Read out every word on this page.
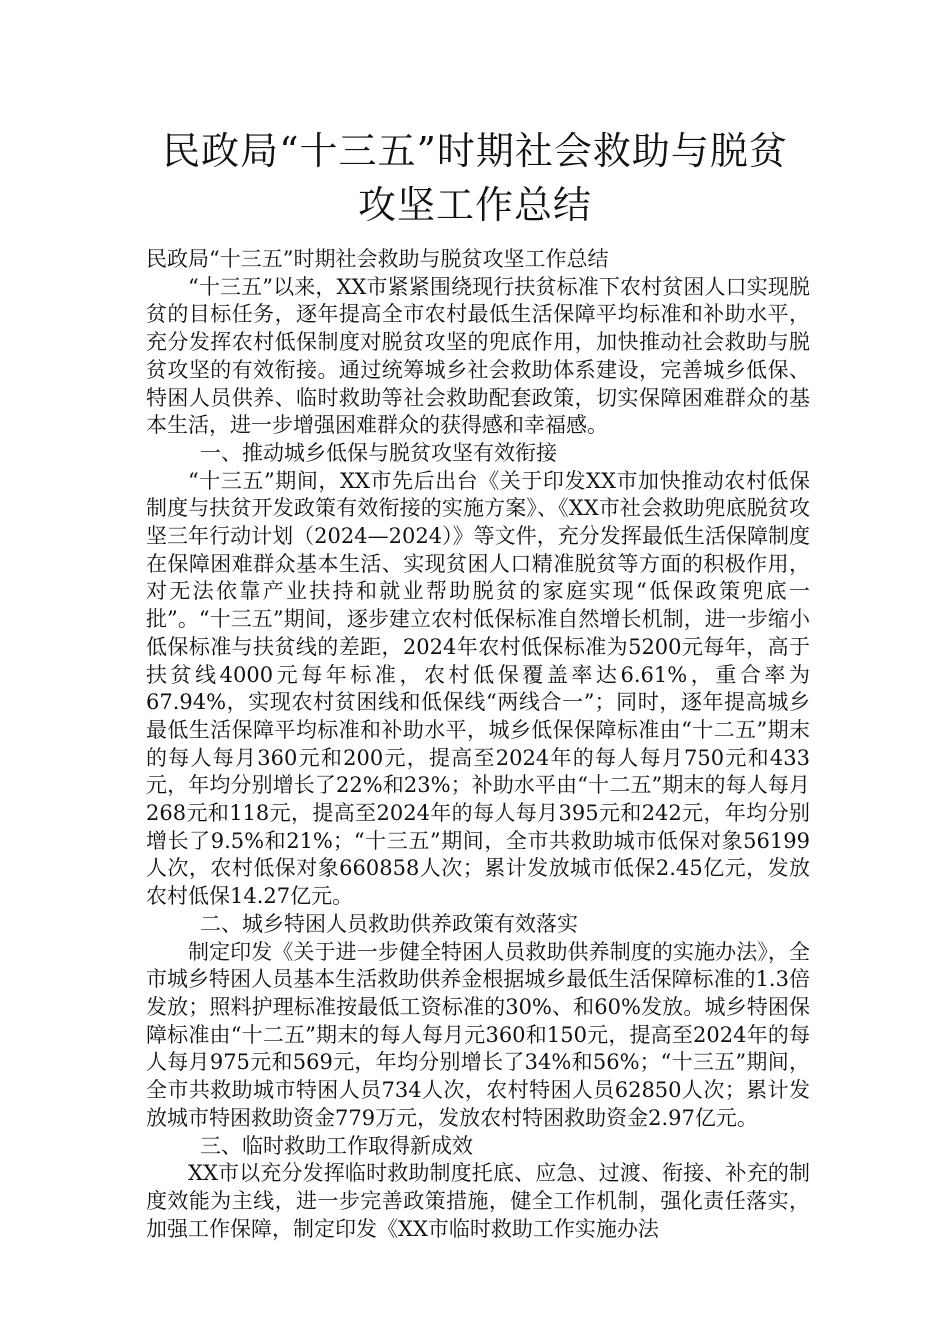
民政局“十三五”时期社会救助与脱贫攻坚工作总结

民政局“十三五”时期社会救助与脱贫攻坚工作总结

“十三五”以来，XX市紧紧围绕现行扶贫标准下农村贫困人口实现脱贫的目标任务，逐年提高全市农村最低生活保障平均标准和补助水平，充分发挥农村低保制度对脱贫攻坚的兜底作用，加快推动社会救助与脱贫攻坚的有效衔接。通过统筹城乡社会救助体系建设，完善城乡低保、特困人员供养、临时救助等社会救助配套政策，切实保障困难群众的基本生活，进一步增强困难群众的获得感和幸福感。

一、推动城乡低保与脱贫攻坚有效衔接

“十三五”期间，XX市先后出台《关于印发XX市加快推动农村低保制度与扶贫开发政策有效衔接的实施方案》、《XX市社会救助兜底脱贫攻坚三年行动计划（2024—2024）》等文件，充分发挥最低生活保障制度在保障困难群众基本生活、实现贫困人口精准脱贫等方面的积极作用，对无法依靠产业扶持和就业帮助脱贫的家庭实现“低保政策兜底一批”。“十三五”期间，逐步建立农村低保标准自然增长机制，进一步缩小低保标准与扶贫线的差距，2024年农村低保标准为5200元每年，高于扶贫线4000元每年标准，农村低保覆盖率达6.61%，重合率为67.94%，实现农村贫困线和低保线“两线合一”；同时，逐年提高城乡最低生活保障平均标准和补助水平，城乡低保保障标准由“十二五”期末的每人每月360元和200元，提高至2024年的每人每月750元和433元，年均分别增长了22%和23%；补助水平由“十二五”期末的每人每月268元和118元，提高至2024年的每人每月395元和242元，年均分别增长了9.5%和21%；“十三五”期间，全市共救助城市低保对象56199人次，农村低保对象660858人次；累计发放城市低保2.45亿元，发放农村低保14.27亿元。

二、城乡特困人员救助供养政策有效落实

制定印发《关于进一步健全特困人员救助供养制度的实施办法》，全市城乡特困人员基本生活救助供养金根据城乡最低生活保障标准的1.3倍发放；照料护理标准按最低工资标准的30%、和60%发放。城乡特困保障标准由“十二五”期末的每人每月元360和150元，提高至2024年的每人每月975元和569元，年均分别增长了34%和56%；“十三五”期间，全市共救助城市特困人员734人次，农村特困人员62850人次；累计发放城市特困救助资金779万元，发放农村特困救助资金2.97亿元。

三、临时救助工作取得新成效

XX市以充分发挥临时救助制度托底、应急、过渡、衔接、补充的制度效能为主线，进一步完善政策措施，健全工作机制，强化责任落实，加强工作保障，制定印发《XX市临时救助工作实施办法
